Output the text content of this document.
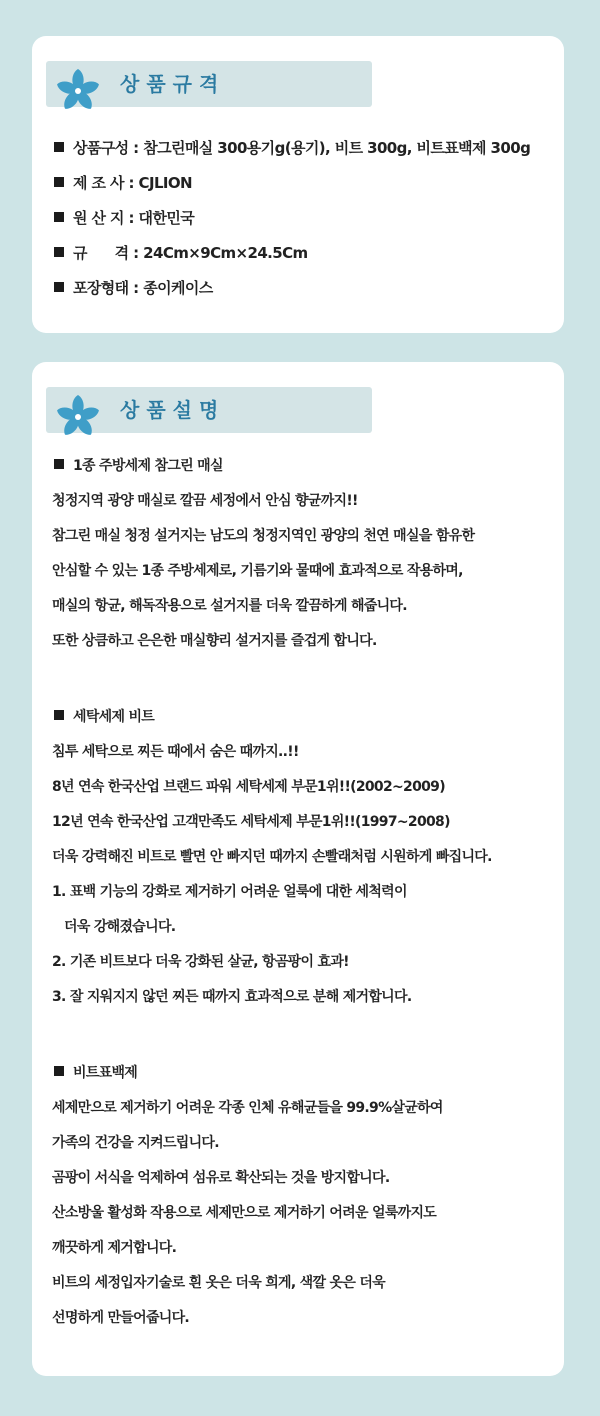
상품규격
상품구성 : 참그린매실 300용기g(용기), 비트 300g, 비트표백제 300g
제 조 사 : CJLION
원 산 지 : 대한민국
규      격 : 24Cm×9Cm×24.5Cm
포장형태 : 종이케이스
상품설명
1종 주방세제 참그린 매실
청정지역 광양 매실로 깔끔 세정에서 안심 향균까지!!
참그린 매실 청정 설거지는 남도의 청정지역인 광양의 천연 매실을 함유한
안심할 수 있는 1종 주방세제로, 기름기와 물때에 효과적으로 작용하며,
매실의 항균, 해독작용으로 설거지를 더욱 깔끔하게 해줍니다.
또한 상큼하고 은은한 매실향리 설거지를 즐겁게 합니다.
세탁세제 비트
침투 세탁으로 찌든 때에서 숨은 때까지..!!
8년 연속 한국산업 브랜드 파워 세탁세제 부문1위!!(2002~2009)
12년 연속 한국산업 고객만족도 세탁세제 부문1위!!(1997~2008)
더욱 강력해진 비트로 빨면 안 빠지던 때까지 손빨래처럼 시원하게 빠집니다.
1. 표백 기능의 강화로 제거하기 어려운 얼룩에 대한 세척력이
더욱 강해졌습니다.
2. 기존 비트보다 더욱 강화된 살균, 항곰팡이 효과!
3. 잘 지워지지 않던 찌든 때까지 효과적으로 분해 제거합니다.
비트표백제
세제만으로 제거하기 어려운 각종 인체 유해균들을 99.9%살균하여
가족의 건강을 지켜드립니다.
곰팡이 서식을 억제하여 섬유로 확산되는 것을 방지합니다.
산소방울 활성화 작용으로 세제만으로 제거하기 어려운 얼룩까지도
깨끗하게 제거합니다.
비트의 세정입자기술로 흰 옷은 더욱 희게, 색깔 옷은 더욱
선명하게 만들어줍니다.
